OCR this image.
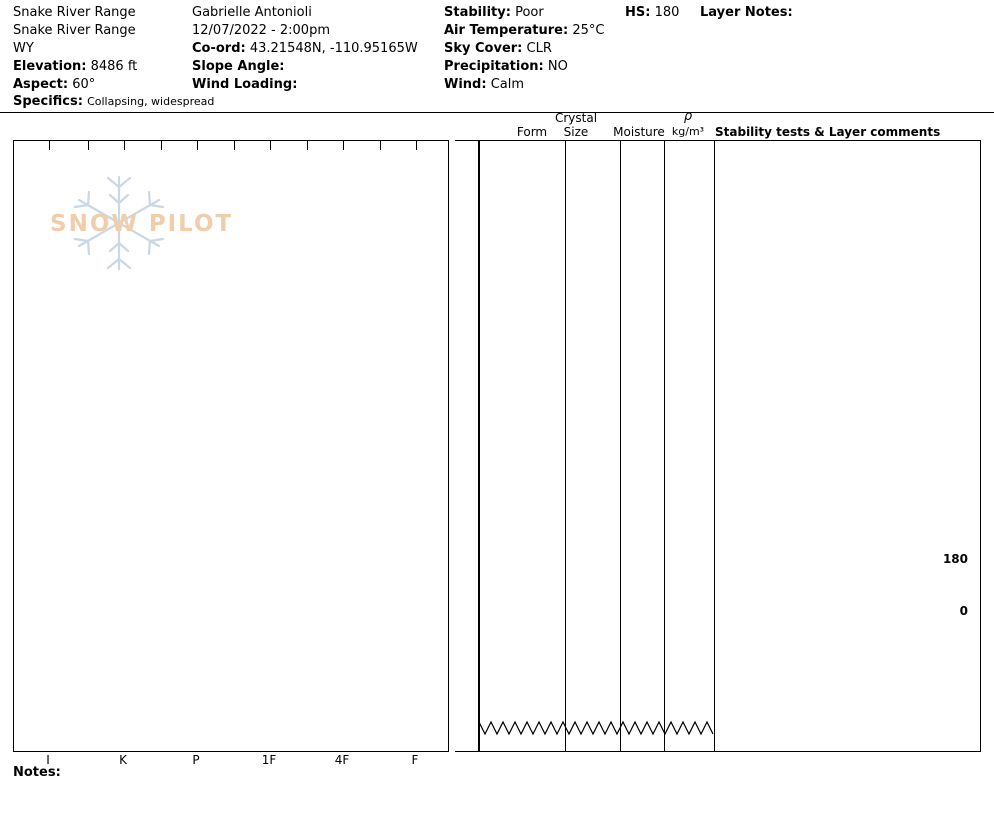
Snake River Range
Snake River Range
WY
Elevation: 8486 ft
Aspect: 60°
Gabrielle Antonioli
12/07/2022 - 2:00pm
Co-ord: 43.21548N, -110.95165W
Slope Angle:
Wind Loading:
Stability: Poor
Air Temperature: 25°C
Sky Cover: CLR
Precipitation: NO
Wind: Calm
HS: 180 Layer Notes:
Specifics: Collapsing, widespread
Form
Crystal
Size	Moisture
ρ
kg/m³ Stability tests & Layer comments
SNOW PILOT
I	K	P	1F	4F	F
180
0
Notes:
